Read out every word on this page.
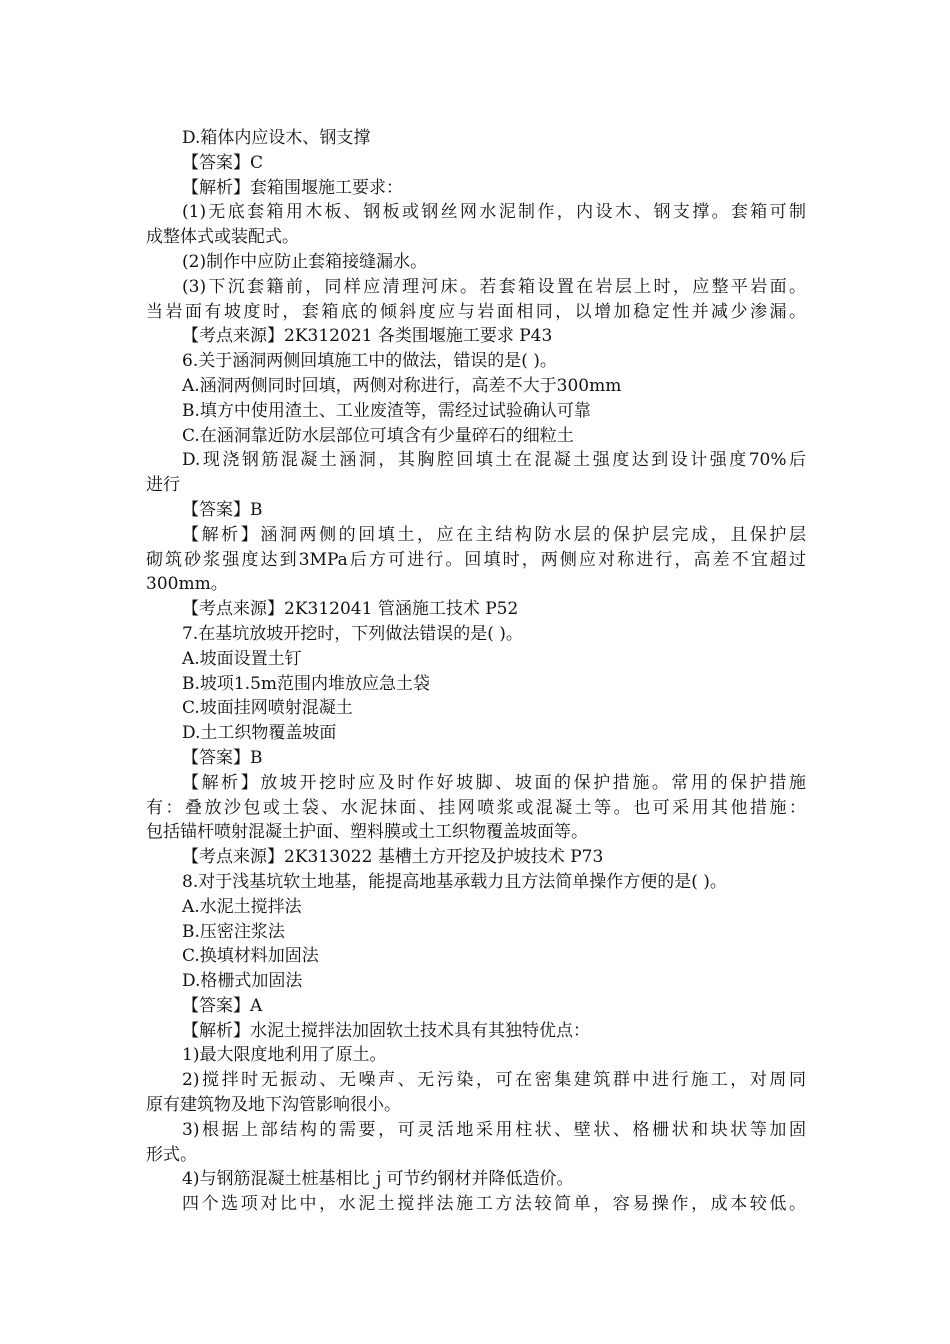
D.箱体内应设木、钢支撑
【答案】C
【解析】套箱围堰施工要求：
(1)无底套箱用木板、钢板或钢丝网水泥制作，内设木、钢支撑。套箱可制
成整体式或装配式。
(2)制作中应防止套箱接缝漏水。
(3)下沉套籍前，同样应清理河床。若套箱设置在岩层上时，应整平岩面。
当岩面有坡度时，套箱底的倾斜度应与岩面相同，以增加稳定性并减少渗漏。
【考点来源】2K312021 各类围堰施工要求 P43
6.关于涵洞两侧回填施工中的做法，错误的是( )。
A.涵洞两侧同时回填，两侧对称进行，高差不大于300mm
B.填方中使用渣土、工业废渣等，需经过试验确认可靠
C.在涵洞靠近防水层部位可填含有少量碎石的细粒土
D.现浇钢筋混凝土涵洞，其胸腔回填土在混凝土强度达到设计强度70%后
进行
【答案】B
【解析】涵洞两侧的回填土，应在主结构防水层的保护层完成，且保护层
砌筑砂浆强度达到3MPa后方可进行。回填时，两侧应对称进行，高差不宜超过
300mm。
【考点来源】2K312041 管涵施工技术 P52
7.在基坑放坡开挖时，下列做法错误的是( )。
A.坡面设置土钉
B.坡项1.5m范围内堆放应急土袋
C.坡面挂网喷射混凝土
D.土工织物覆盖坡面
【答案】B
【解析】放坡开挖时应及时作好坡脚、坡面的保护措施。常用的保护措施
有：叠放沙包或土袋、水泥抹面、挂网喷浆或混凝土等。也可采用其他措施：
包括锚杆喷射混凝土护面、塑料膜或土工织物覆盖坡面等。
【考点来源】2K313022 基槽土方开挖及护坡技术 P73
8.对于浅基坑软土地基，能提高地基承载力且方法简单操作方便的是( )。
A.水泥土搅拌法
B.压密注浆法
C.换填材料加固法
D.格栅式加固法
【答案】A
【解析】水泥土搅拌法加固软土技术具有其独特优点：
1)最大限度地利用了原土。
2)搅拌时无振动、无噪声、无污染，可在密集建筑群中进行施工，对周同
原有建筑物及地下沟管影响很小。
3)根据上部结构的需要，可灵活地采用柱状、壁状、格栅状和块状等加固
形式。
4)与钢筋混凝土桩基相比ｊ可节约钢材并降低造价。
四个选项对比中，水泥土搅拌法施工方法较简单，容易操作，成本较低。
